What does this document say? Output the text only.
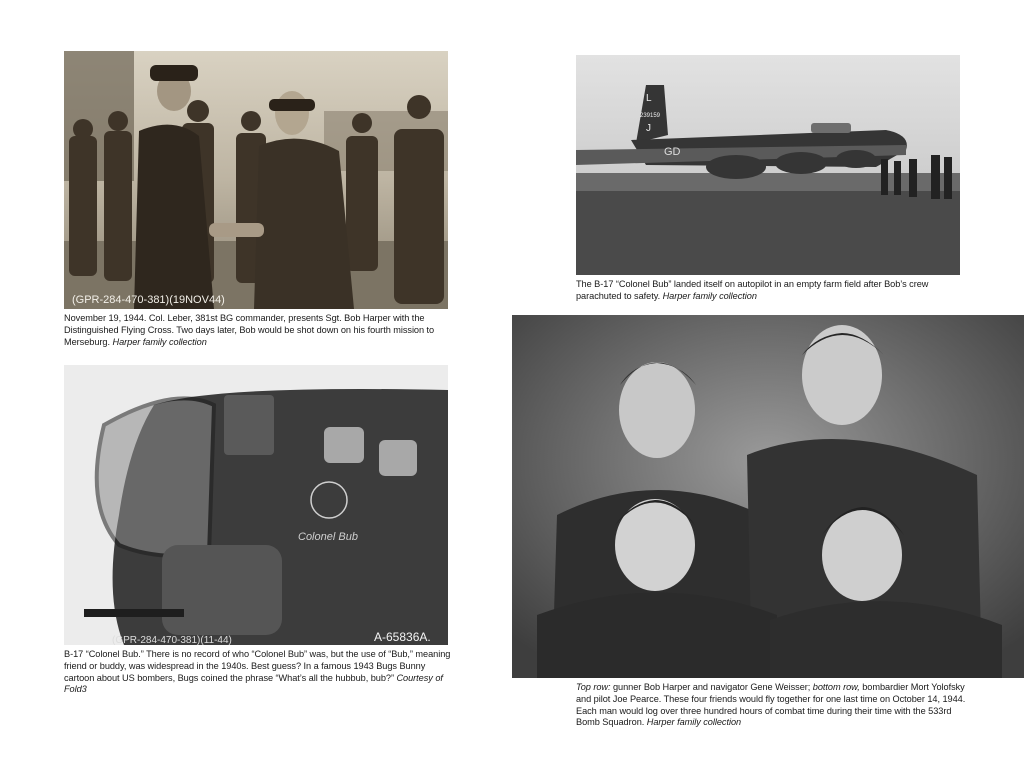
(GPR-284-470-381)(19NOV44)
November 19, 1944. Col. Leber, 381st BG commander, presents Sgt. Bob Harper with the Distinguished Flying Cross. Two days later, Bob would be shot down on his fourth mission to Merseburg. Harper family collection
L
239159
J
GD
The B-17 “Colonel Bub” landed itself on autopilot in an empty farm field after Bob’s crew parachuted to safety. Harper family collection
Colonel Bub
(GPR-284-470-381)(11-44)	A-65836A.
B-17 “Colonel Bub.” There is no record of who “Colonel Bub” was, but the use of “Bub,” meaning friend or buddy, was widespread in the 1940s. Best guess? In a famous 1943 Bugs Bunny cartoon about US bombers, Bugs coined the phrase “What’s all the hubbub, bub?” Courtesy of Fold3	Top row: gunner Bob Harper and navigator Gene Weisser; bottom row, bombardier Mort Yolofsky and pilot Joe Pearce. These four friends would fly together for one last time on October 14, 1944. Each man would log over three hundred hours of combat time during their time with the 533rd Bomb Squadron. Harper family collection
